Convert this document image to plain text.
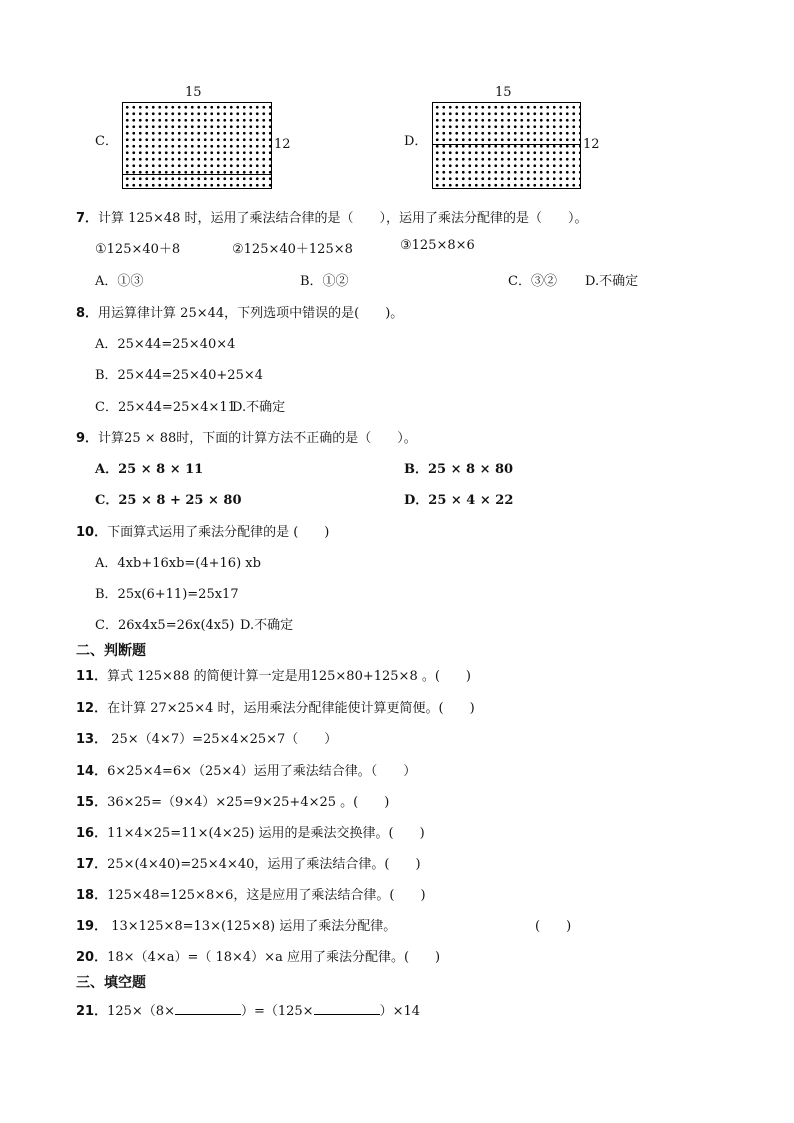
C．
15
12	D．
15
12
7．计算 125×48 时，运用了乘法结合律的是（　　），运用了乘法分配律的是（　　）。
①125×40＋8	②125×40＋125×8	③125×8×6
A．①③	B．①②	C．③② D.不确定
8．用运算律计算 25×44，下列选项中错误的是(　　)。
A．25×44=25×40×4
B．25×44=25×40+25×4
C．25×44=25×4×11
D.不确定
9．计算25 × 88时，下面的计算方法不正确的是（　　）。
A．25 × 8 × 11	B．25 × 8 × 80
C．25 × 8 + 25 × 80	D．25 × 4 × 22
10．下面算式运用了乘法分配律的是 (　　)
A．4xb+16xb=(4+16) xb
B．25x(6+11)=25x17
C．26x4x5=26x(4x5) D.不确定
二、判断题
11．算式 125×88 的简便计算一定是用125×80+125×8 。(　　)
12．在计算 27×25×4 时，运用乘法分配律能使计算更简便。(　　)
13． 25×（4×7）=25×4×25×7（　　）
14．6×25×4=6×（25×4）运用了乘法结合律。（　　）
15．36×25=（9×4）×25=9×25+4×25 。(　　)
16．11×4×25=11×(4×25) 运用的是乘法交换律。(　　)
17．25×(4×40)=25×4×40，运用了乘法结合律。(　　)
18．125×48=125×8×6，这是应用了乘法结合律。(　　)
19． 13×125×8=13×(125×8) 运用了乘法分配律。	(　　)
20．18×（4×a）=（ 18×4）×a 应用了乘法分配律。(　　)
三、填空题
21．125×（8×	）=（125×	）×14
